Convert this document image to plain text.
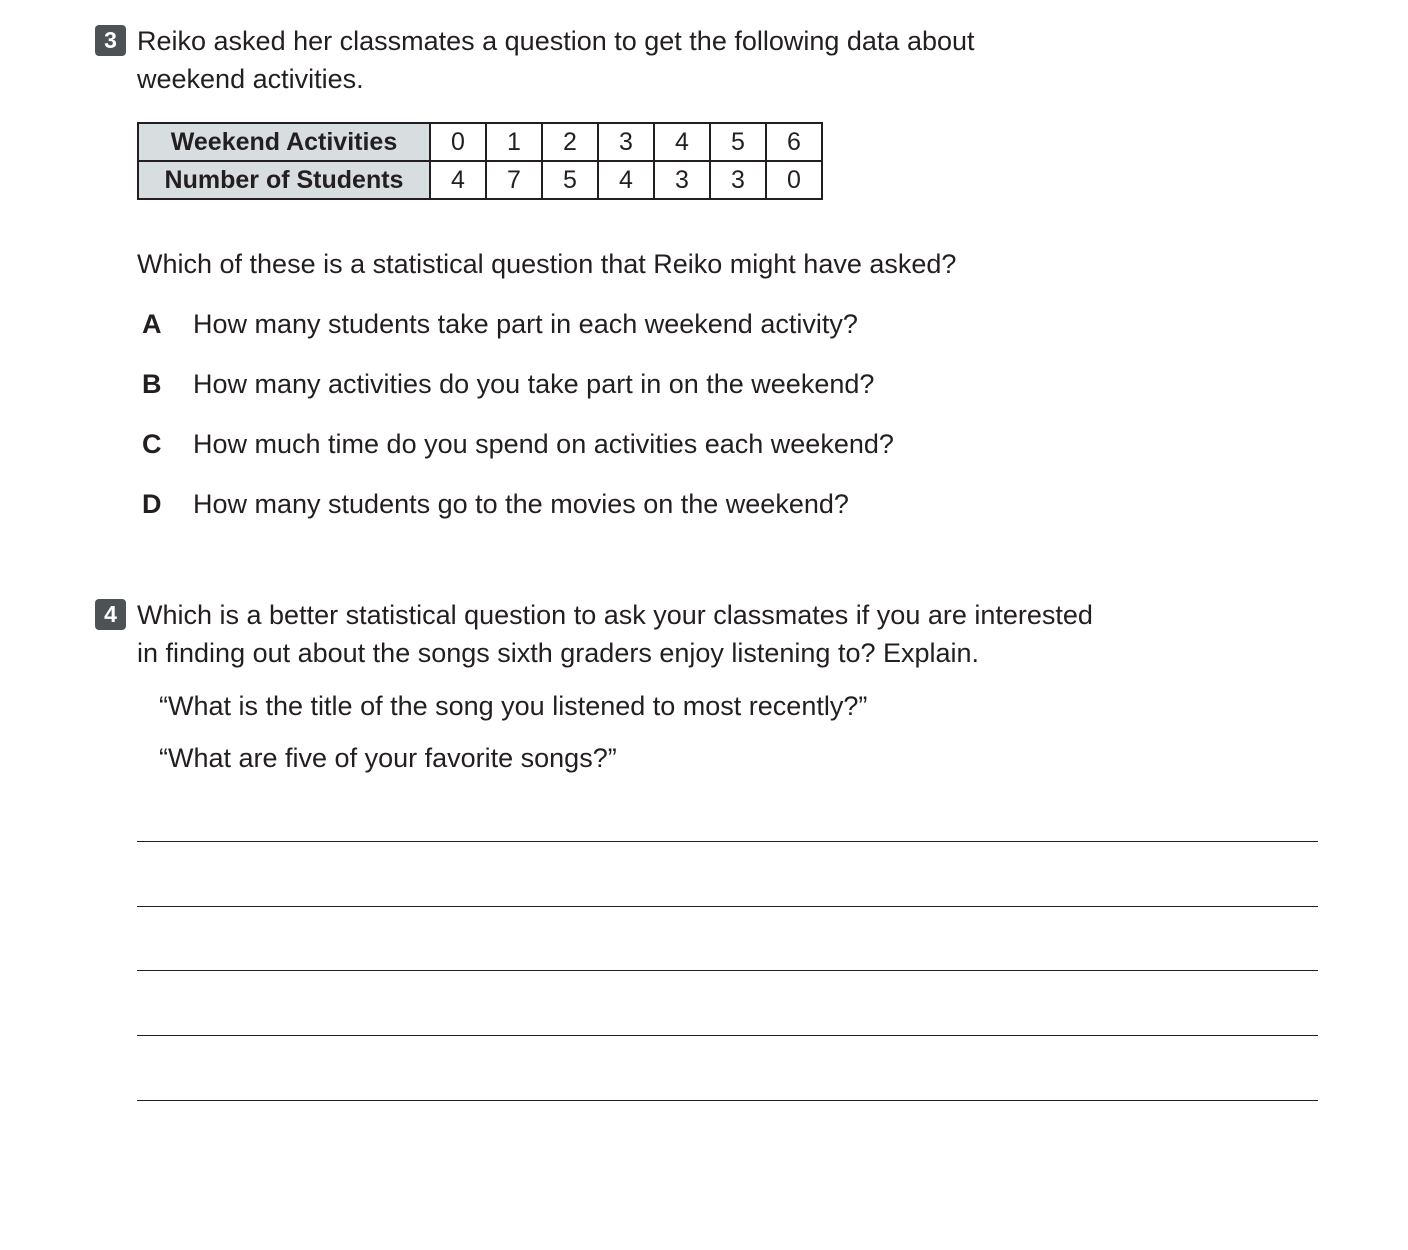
3 Reiko asked her classmates a question to get the following data about
weekend activities.
Weekend Activities	0	1	2	3	4	5	6
Number of Students	4	7	5	4	3	3	0
Which of these is a statistical question that Reiko might have asked?
A How many students take part in each weekend activity?
B How many activities do you take part in on the weekend?
C How much time do you spend on activities each weekend?
D How many students go to the movies on the weekend?
4 Which is a better statistical question to ask your classmates if you are interested
in finding out about the songs sixth graders enjoy listening to? Explain.
“What is the title of the song you listened to most recently?”
“What are five of your favorite songs?”
